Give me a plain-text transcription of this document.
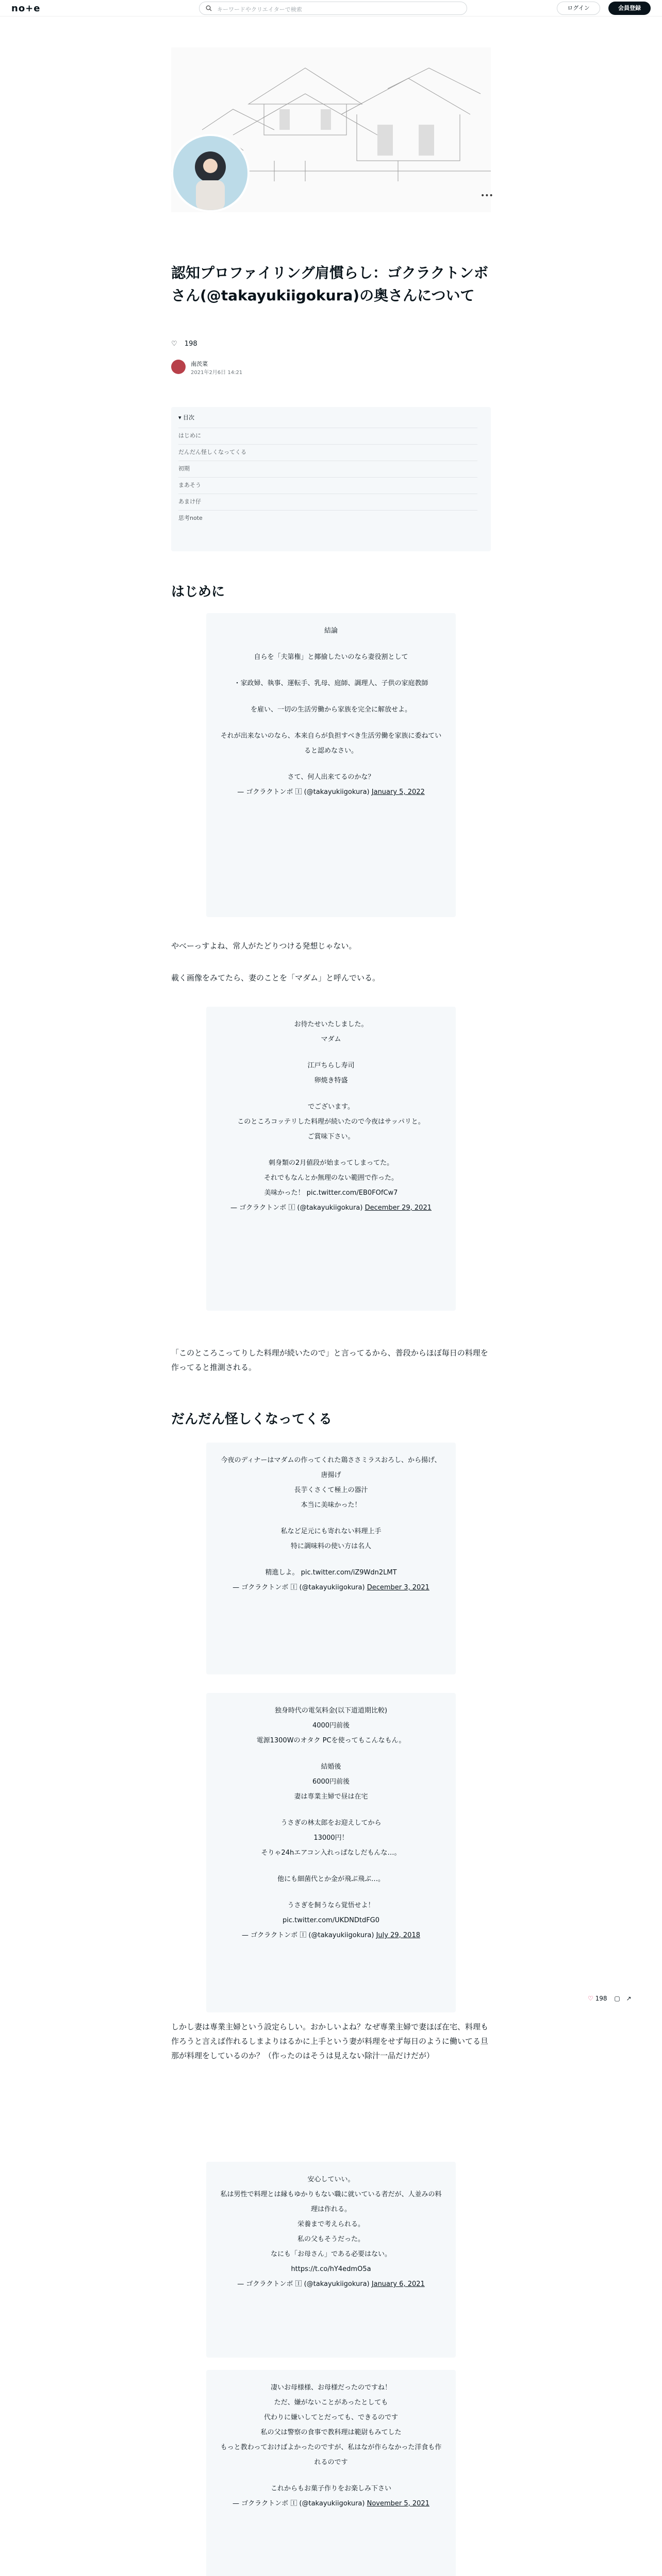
no+e	キーワードやクリエイターで検索	ログイン	会員登録
•••
認知プロファイリング肩慣らし：ゴクラクトンボさん(@takayukiigokura)の奥さんについて
♡ 198
南茨菜
2021年2月6日 14:21
▾ 目次
はじめに
だんだん怪しくなってくる
初期
まあそう
あまけ仔
思考note
はじめに
結論
自らを「夫第権」と揶揄したいのなら妻役割として
・家政婦、執事、運転手、乳母、庭師、調理人、子供の家庭教師
を雇い、一切の生活労働から家族を完全に解放せよ。
それが出来ないのなら、本来自らが負担すべき生活労働を家族に委ねていると認めなさい。
さて、何人出来てるのかな？
— ゴクラクトンボ 🄸 (@takayukiigokura) January 5, 2022
やべーっすよね、常人がたどりつける発想じゃない。
載く画像をみてたら、妻のことを「マダム」と呼んでいる。
お待たせいたしました。
マダム
江戸ちらし寿司
卵焼き特盛
でございます。
このところコッテリした料理が続いたので今夜はサッパリと。
ご賞味下さい。
刺身類の2月値段が始まってしまってた。
それでもなんとか無理のない範囲で作った。
美味かった！ pic.twitter.com/EB0FOfCw7
— ゴクラクトンボ 🄸 (@takayukiigokura) December 29, 2021
「このところこってりした料理が続いたので」と言ってるから、普段からほぼ毎日の料理を作ってると推測される。
だんだん怪しくなってくる
今夜のディナーはマダムの作ってくれた鶏ささミラスおろし、から揚げ、唐揚げ
長芋くさくて極上の器汁
本当に美味かった！
私など足元にも寄れない料理上手
特に調味料の使い方は名人
精進しよ。 pic.twitter.com/iZ9Wdn2LMT
— ゴクラクトンボ 🄸 (@takayukiigokura) December 3, 2021
独身時代の電気料金(以下道道期比較)
4000円前後
電源1300Wのオタク PCを使ってもこんなもん。
結婚後
6000円前後
妻は専業主婦で昼は在宅
うさぎの林太郎をお迎えしてから
13000円！
そりゃ24hエアコン入れっぱなしだもんな…。
他にも細菌代とか金が飛ぶ飛ぶ…。
うさぎを飼うなら覚悟せよ！
pic.twitter.com/UKDNDtdFG0
— ゴクラクトンボ 🄸 (@takayukiigokura) July 29, 2018
しかし妻は専業主婦という設定らしい。おかしいよね？なぜ専業主婦で妻ほぼ在宅、料理も作ろうと言えば作れるしまよりはるかに上手という妻が料理をせず毎日のように働いてる旦那が料理をしているのか？（作ったのはそうは見えない除汁一品だけだが）
安心していい。
私は男性で料理とは縁もゆかりもない職に就いている者だが、人並みの料理は作れる。
栄養まで考えられる。
私の父もそうだった。
なにも「お母さん」である必要はない。
https://t.co/hY4edmO5a
— ゴクラクトンボ 🄸 (@takayukiigokura) January 6, 2021
凄いお母様様、お母様だったのですね！
ただ、嫌がないことがあったとしても
代わりに嫌いしてとだっても、できるのです
私の父は警察の食事で教科理は範尉もみてした
もっと教わっておけばよかったのですが、私はなが作らなかった洋食も作れるのです
これからもお菓子作りをお楽しみ下さい
— ゴクラクトンボ 🄸 (@takayukiigokura) November 5, 2021
♡ 198 ▢ ↗
